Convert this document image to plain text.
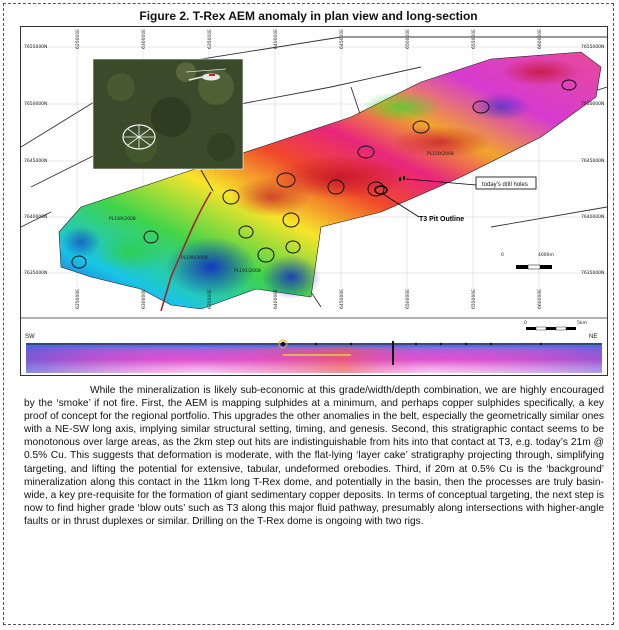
Figure 2. T-Rex AEM anomaly in plan view and long-section
today's drill holes
T3 Pit Outline
PL159/2008
PL189/2008
PL190/2008
PL191/2008
0	4000m
7655000N
7650000N
7645000N
7640000N
7635000N
7655000N
7650000N
7645000N
7640000N
7635000N
625000E	630000E	635000E	640000E	645000E	650000E	655000E	660000E
625000E	630000E	635000E	640000E	645000E	650000E	655000E	660000E
SW	NE
0	5km

While the mineralization is likely sub-economic at this grade/width/depth combination, we are highly encouraged by the ‘smoke’ if not fire. First, the AEM is mapping sulphides at a minimum, and perhaps copper sulphides specifically, a key proof of concept for the regional portfolio. This upgrades the other anomalies in the belt, especially the geometrically similar ones with a NE-SW long axis, implying similar structural setting, timing, and genesis. Second, this stratigraphic contact seems to be monotonous over large areas, as the 2km step out hits are indistinguishable from hits into that contact at T3, e.g. today’s 21m @ 0.5% Cu. This suggests that deformation is moderate, with the flat-lying ‘layer cake’ stratigraphy projecting through, simplifying targeting, and lifting the potential for extensive, tabular, undeformed orebodies. Third, if 20m at 0.5% Cu is the ‘background’ mineralization along this contact in the 11km long T-Rex dome, and potentially in the basin, then the processes are truly basin-wide, a key pre-requisite for the formation of giant sedimentary copper deposits. In terms of conceptual targeting, the next step is now to find higher grade ‘blow outs’ such as T3 along this major fluid pathway, presumably along intersections with higher-angle faults or in thrust duplexes or similar. Drilling on the T-Rex dome is ongoing with two rigs.
